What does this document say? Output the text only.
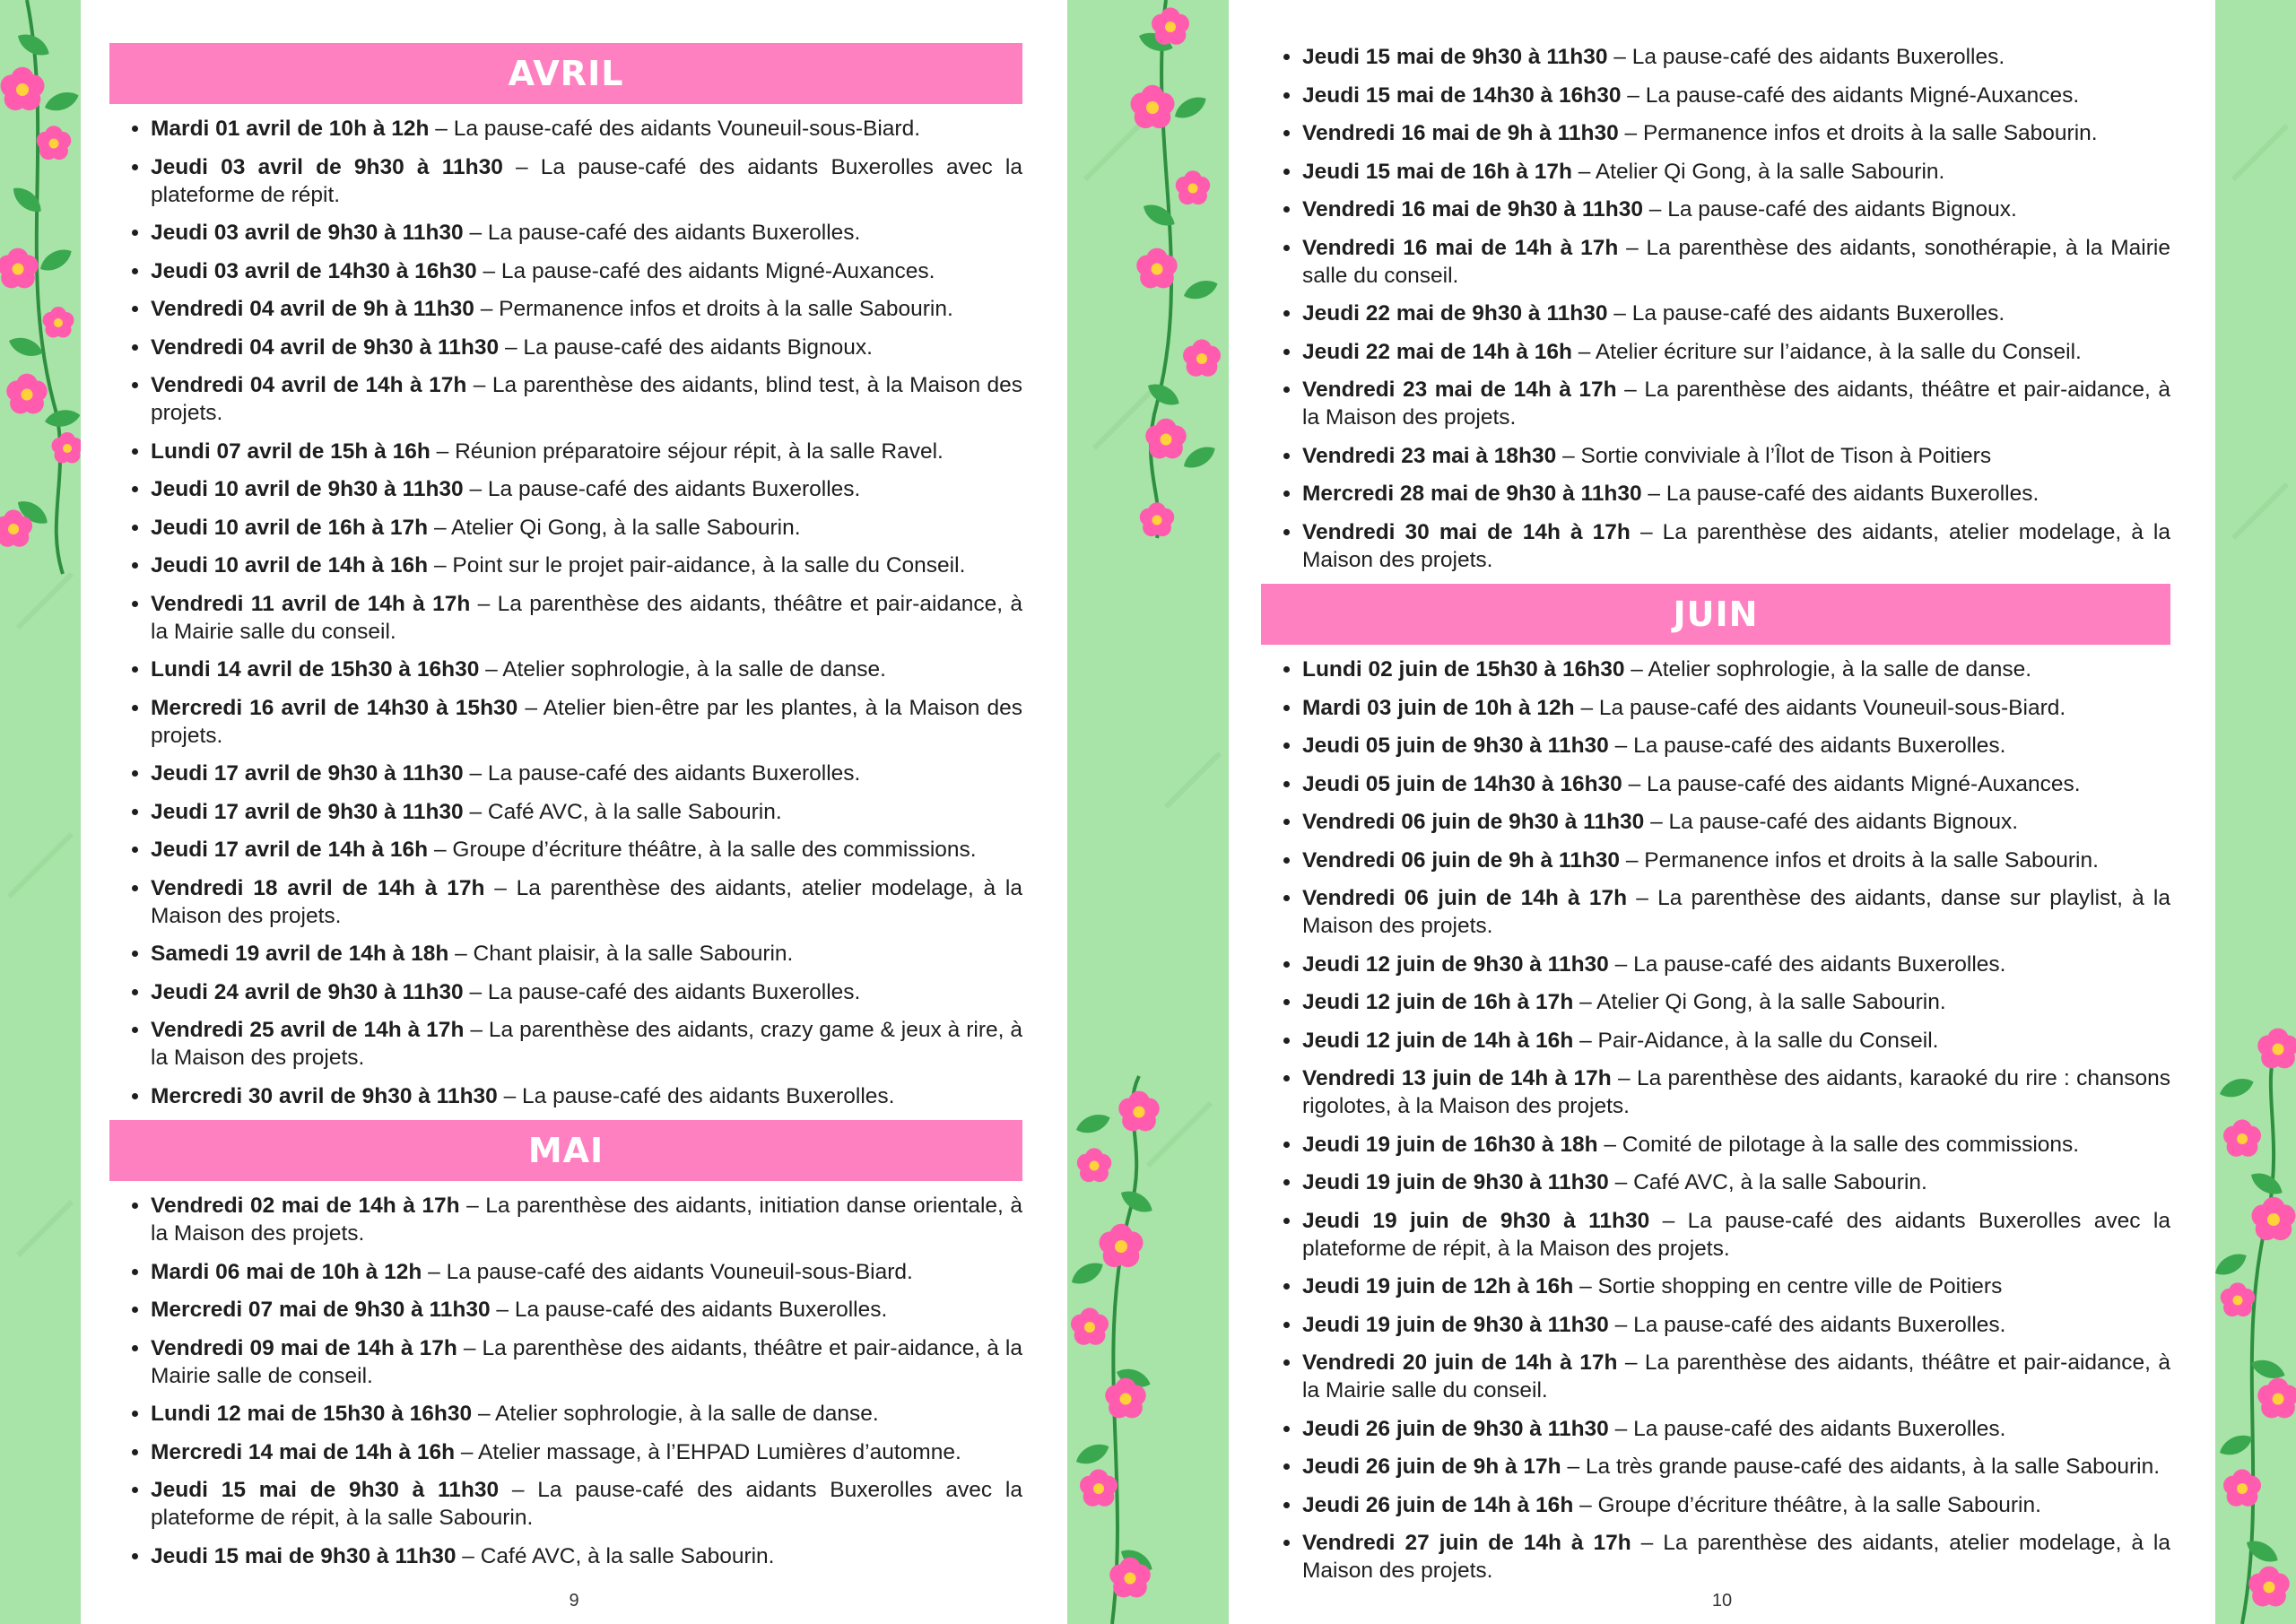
AVRIL
• Mardi 01 avril de 10h à 12h – La pause-café des aidants Vouneuil-sous-Biard.
• Jeudi 03 avril de 9h30 à 11h30 – La pause-café des aidants Buxerolles avec la plateforme de répit.
• Jeudi 03 avril de 9h30 à 11h30 – La pause-café des aidants Buxerolles.
• Jeudi 03 avril de 14h30 à 16h30 – La pause-café des aidants Migné-Auxances.
• Vendredi 04 avril de 9h à 11h30 – Permanence infos et droits à la salle Sabourin.
• Vendredi 04 avril de 9h30 à 11h30 – La pause-café des aidants Bignoux.
• Vendredi 04 avril de 14h à 17h – La parenthèse des aidants, blind test, à la Maison des projets.
• Lundi 07 avril de 15h à 16h – Réunion préparatoire séjour répit, à la salle Ravel.
• Jeudi 10 avril de 9h30 à 11h30 – La pause-café des aidants Buxerolles.
• Jeudi 10 avril de 16h à 17h – Atelier Qi Gong, à la salle Sabourin.
• Jeudi 10 avril de 14h à 16h – Point sur le projet pair-aidance, à la salle du Conseil.
• Vendredi 11 avril de 14h à 17h – La parenthèse des aidants, théâtre et pair-aidance, à la Mairie salle du conseil.
• Lundi 14 avril de 15h30 à 16h30 – Atelier sophrologie, à la salle de danse.
• Mercredi 16 avril de 14h30 à 15h30 – Atelier bien-être par les plantes, à la Maison des projets.
• Jeudi 17 avril de 9h30 à 11h30 – La pause-café des aidants Buxerolles.
• Jeudi 17 avril de 9h30 à 11h30 – Café AVC, à la salle Sabourin.
• Jeudi 17 avril de 14h à 16h – Groupe d’écriture théâtre, à la salle des commissions.
• Vendredi 18 avril de 14h à 17h – La parenthèse des aidants, atelier modelage, à la Maison des projets.
• Samedi 19 avril de 14h à 18h – Chant plaisir, à la salle Sabourin.
• Jeudi 24 avril de 9h30 à 11h30 – La pause-café des aidants Buxerolles.
• Vendredi 25 avril de 14h à 17h – La parenthèse des aidants, crazy game & jeux à rire, à la Maison des projets.
• Mercredi 30 avril de 9h30 à 11h30 – La pause-café des aidants Buxerolles.
MAI
• Vendredi 02 mai de 14h à 17h – La parenthèse des aidants, initiation danse orientale, à la Maison des projets.
• Mardi 06 mai de 10h à 12h – La pause-café des aidants Vouneuil-sous-Biard.
• Mercredi 07 mai de 9h30 à 11h30 – La pause-café des aidants Buxerolles.
• Vendredi 09 mai de 14h à 17h – La parenthèse des aidants, théâtre et pair-aidance, à la Mairie salle de conseil.
• Lundi 12 mai de 15h30 à 16h30 – Atelier sophrologie, à la salle de danse.
• Mercredi 14 mai de 14h à 16h – Atelier massage, à l’EHPAD Lumières d’automne.
• Jeudi 15 mai de 9h30 à 11h30 – La pause-café des aidants Buxerolles avec la plateforme de répit, à la salle Sabourin.
• Jeudi 15 mai de 9h30 à 11h30 – Café AVC, à la salle Sabourin.
9
• Jeudi 15 mai de 9h30 à 11h30 – La pause-café des aidants Buxerolles.
• Jeudi 15 mai de 14h30 à 16h30 – La pause-café des aidants Migné-Auxances.
• Vendredi 16 mai de 9h à 11h30 – Permanence infos et droits à la salle Sabourin.
• Jeudi 15 mai de 16h à 17h – Atelier Qi Gong, à la salle Sabourin.
• Vendredi 16 mai de 9h30 à 11h30 – La pause-café des aidants Bignoux.
• Vendredi 16 mai de 14h à 17h – La parenthèse des aidants, sonothérapie, à la Mairie salle du conseil.
• Jeudi 22 mai de 9h30 à 11h30 – La pause-café des aidants Buxerolles.
• Jeudi 22 mai de 14h à 16h – Atelier écriture sur l’aidance, à la salle du Conseil.
• Vendredi 23 mai de 14h à 17h – La parenthèse des aidants, théâtre et pair-aidance, à la Maison des projets.
• Vendredi 23 mai à 18h30 – Sortie conviviale à l’Îlot de Tison à Poitiers
• Mercredi 28 mai de 9h30 à 11h30 – La pause-café des aidants Buxerolles.
• Vendredi 30 mai de 14h à 17h – La parenthèse des aidants, atelier modelage, à la Maison des projets.
JUIN
• Lundi 02 juin de 15h30 à 16h30 – Atelier sophrologie, à la salle de danse.
• Mardi 03 juin de 10h à 12h – La pause-café des aidants Vouneuil-sous-Biard.
• Jeudi 05 juin de 9h30 à 11h30 – La pause-café des aidants Buxerolles.
• Jeudi 05 juin de 14h30 à 16h30 – La pause-café des aidants Migné-Auxances.
• Vendredi 06 juin de 9h30 à 11h30 – La pause-café des aidants Bignoux.
• Vendredi 06 juin de 9h à 11h30 – Permanence infos et droits à la salle Sabourin.
• Vendredi 06 juin de 14h à 17h – La parenthèse des aidants, danse sur playlist, à la Maison des projets.
• Jeudi 12 juin de 9h30 à 11h30 – La pause-café des aidants Buxerolles.
• Jeudi 12 juin de 16h à 17h – Atelier Qi Gong, à la salle Sabourin.
• Jeudi 12 juin de 14h à 16h – Pair-Aidance, à la salle du Conseil.
• Vendredi 13 juin de 14h à 17h – La parenthèse des aidants, karaoké du rire : chansons rigolotes, à la Maison des projets.
• Jeudi 19 juin de 16h30 à 18h – Comité de pilotage à la salle des commissions.
• Jeudi 19 juin de 9h30 à 11h30 – Café AVC, à la salle Sabourin.
• Jeudi 19 juin de 9h30 à 11h30 – La pause-café des aidants Buxerolles avec la plateforme de répit, à la Maison des projets.
• Jeudi 19 juin de 12h à 16h – Sortie shopping en centre ville de Poitiers
• Jeudi 19 juin de 9h30 à 11h30 – La pause-café des aidants Buxerolles.
• Vendredi 20 juin de 14h à 17h – La parenthèse des aidants, théâtre et pair-aidance, à la Mairie salle du conseil.
• Jeudi 26 juin de 9h30 à 11h30 – La pause-café des aidants Buxerolles.
• Jeudi 26 juin de 9h à 17h – La très grande pause-café des aidants, à la salle Sabourin.
• Jeudi 26 juin de 14h à 16h – Groupe d’écriture théâtre, à la salle Sabourin.
• Vendredi 27 juin de 14h à 17h – La parenthèse des aidants, atelier modelage, à la Maison des projets.
10
